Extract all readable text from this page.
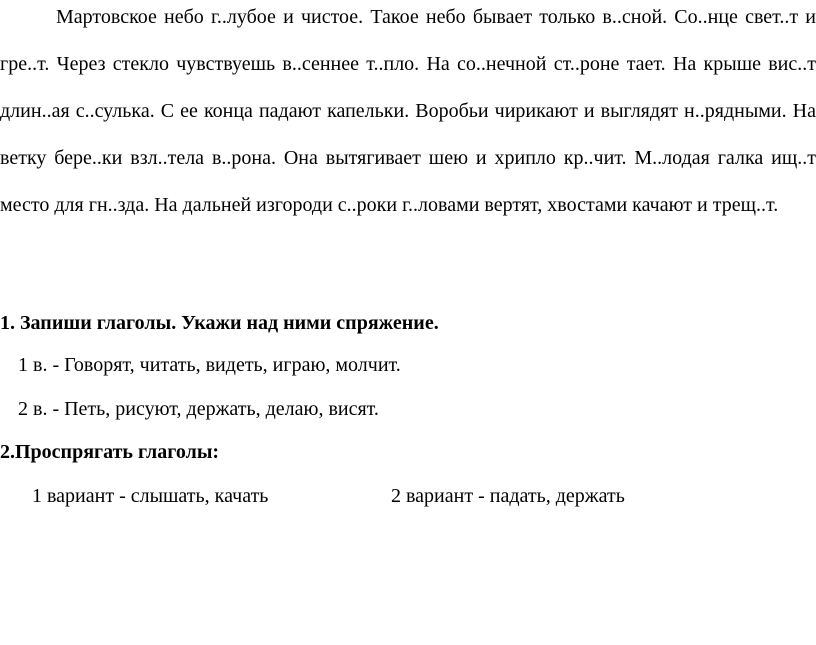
Мартовское небо г..лубое и чистое. Такое небо бывает только в..сной. Со..нце свет..т и гре..т. Через стекло чувствуешь в..сеннее т..пло. На со..нечной ст..роне тает. На крыше вис..т длин..ая с..сулька. С ее конца падают капельки. Воробьи чирикают и выглядят н..рядными. На ветку бере..ки взл..тела в..рона. Она вытягивает шею и хрипло кр..чит. М..лодая галка ищ..т место для гн..зда. На дальней изгороди с..роки г..ловами вертят, хвостами качают и трещ..т.

1. Запиши глаголы. Укажи над ними спряжение.
1 в. - Говорят, читать, видеть, играю, молчит.
2 в. - Петь, рисуют, держать, делаю, висят.
2.Проспрягать глаголы:
1 вариант - слышать, качать	2 вариант - падать, держать
